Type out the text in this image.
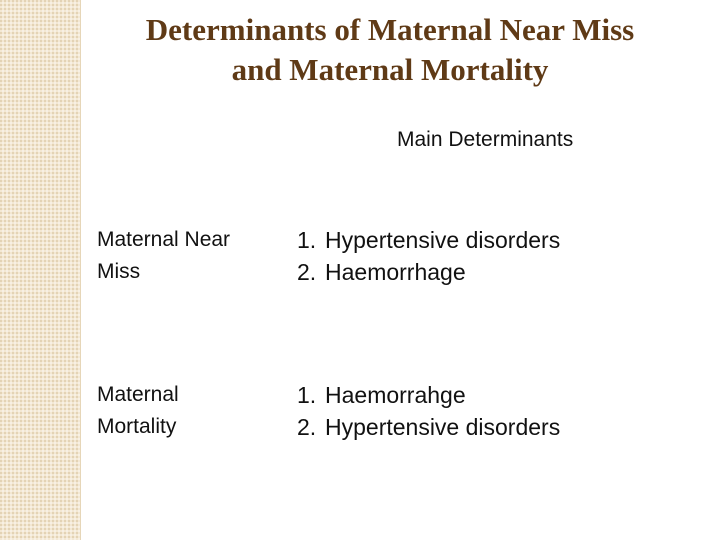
Determinants of Maternal Near Miss
and Maternal Mortality
Main Determinants
Maternal Near
Miss
1. Hypertensive disorders
2. Haemorrhage
Maternal
Mortality
1. Haemorrahge
2. Hypertensive disorders
